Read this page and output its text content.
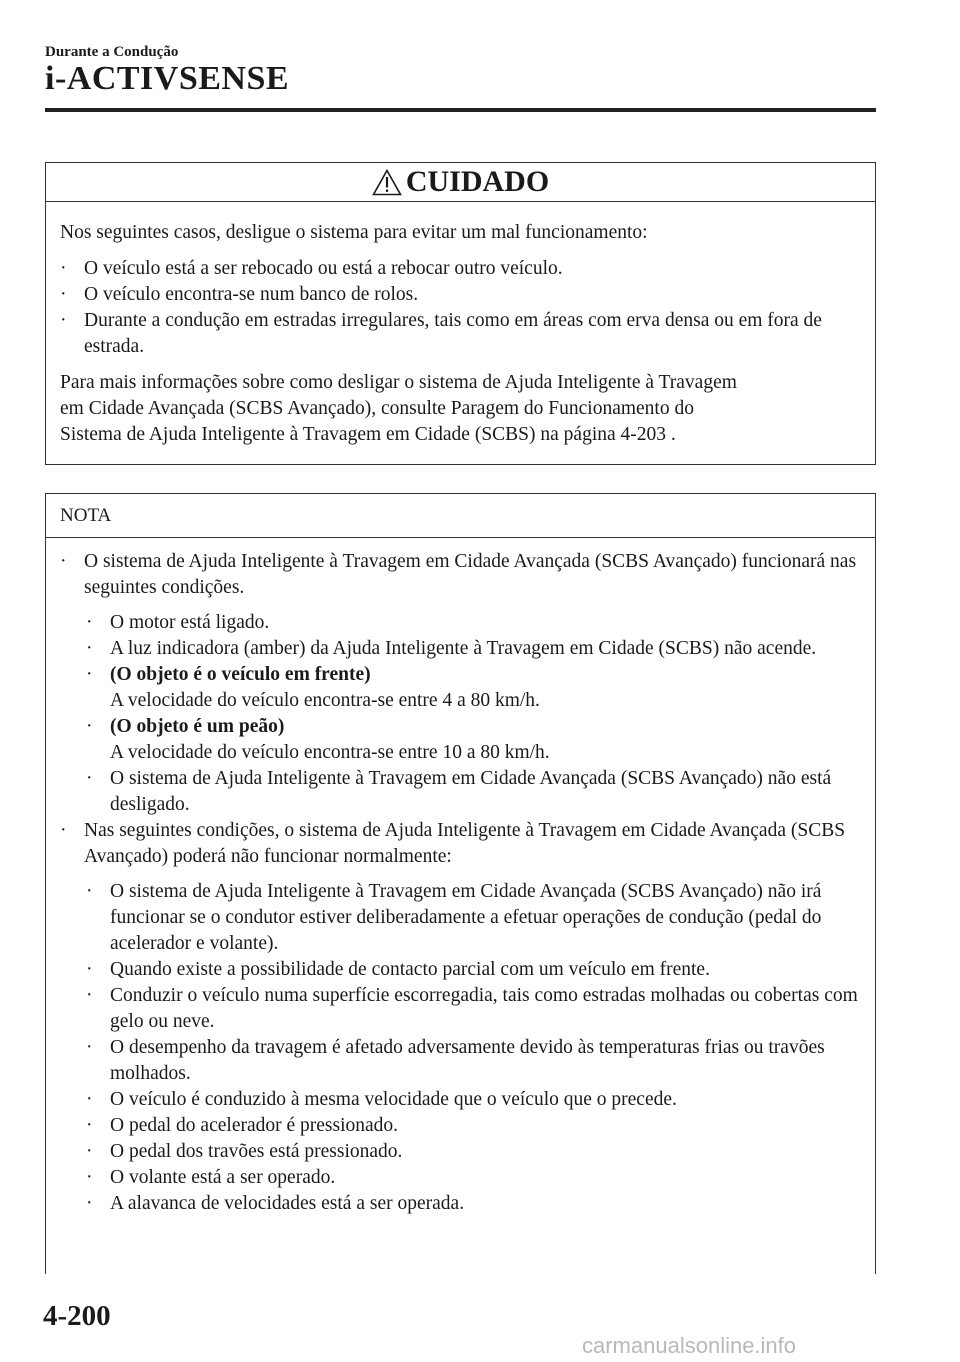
Durante a Condução
i-ACTIVSENSE
CUIDADO

Nos seguintes casos, desligue o sistema para evitar um mal funcionamento:

· O veículo está a ser rebocado ou está a rebocar outro veículo.
· O veículo encontra-se num banco de rolos.
· Durante a condução em estradas irregulares, tais como em áreas com erva densa ou em fora de estrada.

Para mais informações sobre como desligar o sistema de Ajuda Inteligente à Travagem
em Cidade Avançada (SCBS Avançado), consulte Paragem do Funcionamento do
Sistema de Ajuda Inteligente à Travagem em Cidade (SCBS) na página 4-203 .

NOTA
· O sistema de Ajuda Inteligente à Travagem em Cidade Avançada (SCBS Avançado) funcionará nas seguintes condições.
· O motor está ligado.
· A luz indicadora (amber) da Ajuda Inteligente à Travagem em Cidade (SCBS) não acende.
· (O objeto é o veículo em frente)
A velocidade do veículo encontra-se entre 4 a 80 km/h.
· (O objeto é um peão)
A velocidade do veículo encontra-se entre 10 a 80 km/h.
· O sistema de Ajuda Inteligente à Travagem em Cidade Avançada (SCBS Avançado) não está desligado.
· Nas seguintes condições, o sistema de Ajuda Inteligente à Travagem em Cidade Avançada (SCBS Avançado) poderá não funcionar normalmente:
· O sistema de Ajuda Inteligente à Travagem em Cidade Avançada (SCBS Avançado) não irá funcionar se o condutor estiver deliberadamente a efetuar operações de condução (pedal do acelerador e volante).
· Quando existe a possibilidade de contacto parcial com um veículo em frente.
· Conduzir o veículo numa superfície escorregadia, tais como estradas molhadas ou cobertas com gelo ou neve.
· O desempenho da travagem é afetado adversamente devido às temperaturas frias ou travões molhados.
· O veículo é conduzido à mesma velocidade que o veículo que o precede.
· O pedal do acelerador é pressionado.
· O pedal dos travões está pressionado.
· O volante está a ser operado.
· A alavanca de velocidades está a ser operada.
4-200
carmanualsonline.info
